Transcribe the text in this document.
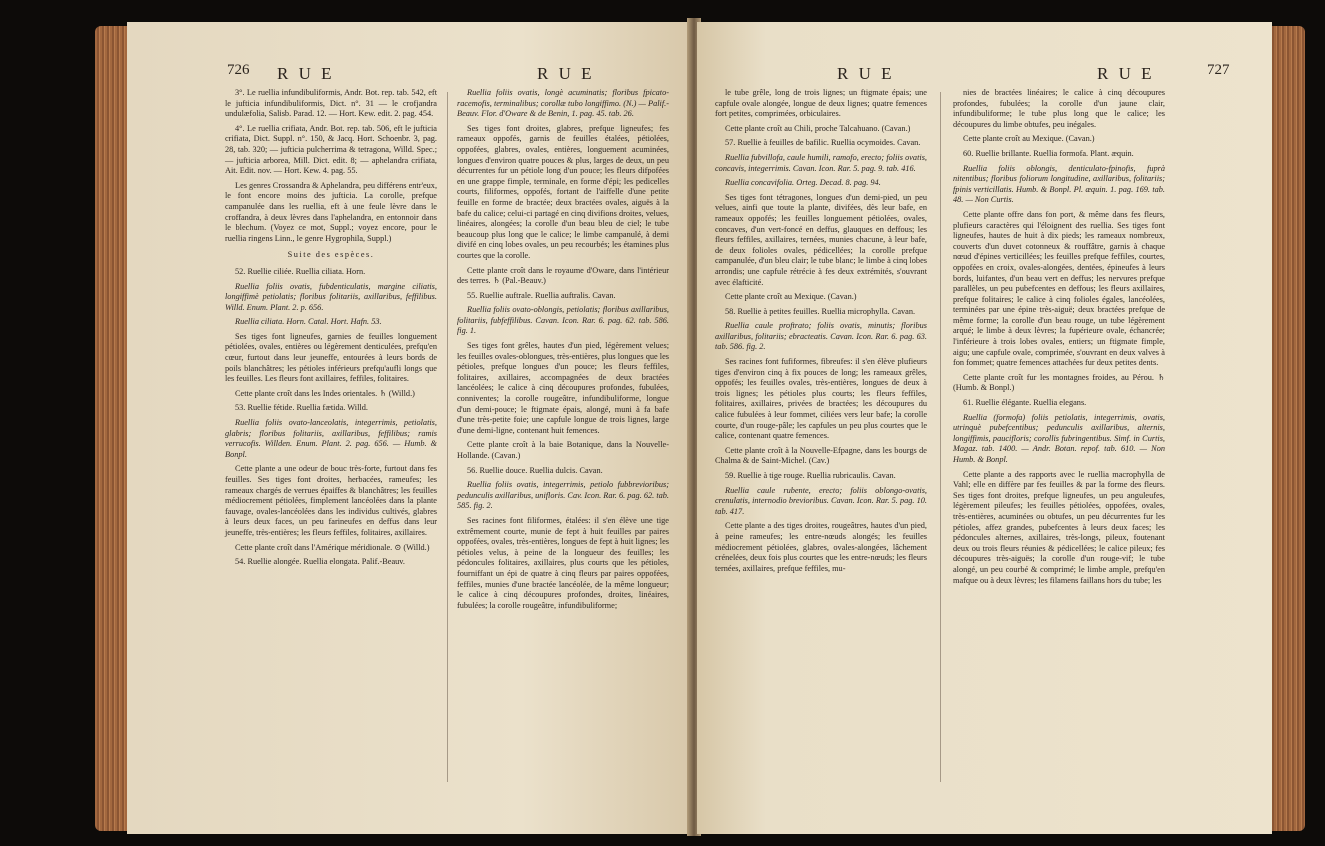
726 R U E	R U E

3°. Le ruellia infundibuliformis, Andr. Bot. rep. tab. 542, eft le jufticia infundibuliformis, Dict. n°. 31 — le crofjandra undulæfolia, Salisb. Parad. 12. — Hort. Kew. edit. 2. pag. 454.

4°. Le ruellia crifiata, Andr. Bot. rep. tab. 506, eft le jufticia crifiata, Dict. Suppl. n°. 150, & Jacq. Hort. Schoenbr. 3, pag. 28, tab. 320; — jufticia pulcherrima & tetragona, Willd. Spec.; — jufticia arborea, Mill. Dict. edit. 8; — aphelandra crifiata, Ait. Edit. nov. — Hort. Kew. 4. pag. 55.

Les genres Crossandra & Aphelandra, peu différens entr'eux, le font encore moins des jufticia. La corolle, prefque campanulée dans les ruellia, eft à une feule lèvre dans le croffandra, à deux lèvres dans l'aphelandra, en entonnoir dans le blechum. (Voyez ce mot, Suppl.; voyez encore, pour le ruellia ringens Linn., le genre Hygrophila, Suppl.)

Suite des espèces.

52. Ruellie ciliée. Ruellia ciliata. Horn.

Ruellia foliis ovatis, fubdenticulatis, margine ciliatis, longiffimè petiolatis; floribus folitariis, axillaribus, feffilibus. Willd. Enum. Plant. 2. p. 656.

Ruellia ciliata. Horn. Catal. Hort. Hafn. 53.

Ses tiges font ligneufes, garnies de feuilles longuement pétiolées, ovales, entières ou légèrement denticulées, prefqu'en cœur, furtout dans leur jeuneffe, entourées à leurs bords de poils blanchâtres; les pétioles inférieurs prefqu'aufli longs que les feuilles. Les fleurs font axillaires, feffiles, folitaires.

Cette plante croît dans les Indes orientales. ♄ (Willd.)

53. Ruellie fétide. Ruellia fætida. Willd.

Ruellia foliis ovato-lanceolatis, integerrimis, petiolatis, glabris; floribus folitariis, axillaribus, feffilibus; ramis verrucofis. Willden. Enum. Plant. 2. pag. 656. — Humb. & Bonpl.

Cette plante a une odeur de bouc très-forte, furtout dans fes feuilles. Ses tiges font droites, herbacées, rameufes; les rameaux chargés de verrues épaiffes & blanchâtres; les feuilles médiocrement pétiolées, fimplement lancéolées dans la plante fauvage, ovales-lancéolées dans les individus cultivés, glabres à leurs deux faces, un peu farineufes en deffus dans leur jeuneffe, très-entières; les fleurs feffiles, folitaires, axillaires.

Cette plante croît dans l'Amérique méridionale. ⊙ (Willd.)

54. Ruellie alongée. Ruellia elongata. Palif.-Beauv.

Ruellia foliis ovatis, longè acuminatis; floribus fpicato-racemofis, terminalibus; corollæ tubo longiffimo. (N.) — Palif.-Beauv. Flor. d'Oware & de Benin, 1. pag. 45. tab. 26.

Ses tiges font droites, glabres, prefque ligneufes; fes rameaux oppofés, garnis de feuilles étalées, pétiolées, oppofées, glabres, ovales, entières, longuement acuminées, longues d'environ quatre pouces & plus, larges de deux, un peu décurrentes fur un pétiole long d'un pouce; les fleurs difpofées en une grappe fimple, terminale, en forme d'épi; les pedicelles courts, filiformes, oppofés, fortant de l'aiffelle d'une petite feuille en forme de bractée; deux bractées ovales, aiguës à la bafe du calice; celui-ci partagé en cinq divifions droites, velues, linéaires, alongées; la corolle d'un beau bleu de ciel; le tube beaucoup plus long que le calice; le limbe campanulé, à demi divifé en cinq lobes ovales, un peu recourbés; les étamines plus courtes que la corolle.

Cette plante croît dans le royaume d'Oware, dans l'intérieur des terres. ♄ (Pal.-Beauv.)

55. Ruellie auftrale. Ruellia auftralis. Cavan.

Ruellia foliis ovato-oblongis, petiolatis; floribus axillaribus, folitariis, fubfeffilibus. Cavan. Icon. Rar. 6. pag. 62. tab. 586. fig. 1.

Ses tiges font grêles, hautes d'un pied, légèrement velues; les feuilles ovales-oblongues, très-entières, plus longues que les pétioles, prefque longues d'un pouce; les fleurs feffiles, folitaires, axillaires, accompagnées de deux bractées lancéolées; le calice à cinq découpures profondes, fubulées, conniventes; la corolle rougeâtre, infundibuliforme, longue d'un demi-pouce; le ftigmate épais, alongé, muni à fa bafe d'une très-petite foie; une capfule longue de trois lignes, large d'une demi-ligne, contenant huit femences.

Cette plante croît à la baie Botanique, dans la Nouvelle-Hollande. (Cavan.)

56. Ruellie douce. Ruellia dulcis. Cavan.

Ruellia foliis ovatis, integerrimis, petiolo fubbrevioribus; pedunculis axillaribus, unifloris. Cav. Icon. Rar. 6. pag. 62. tab. 585. fig. 2.

Ses racines font filiformes, étalées: il s'en élève une tige extrêmement courte, munie de fept à huit feuilles par paires oppofées, ovales, très-entières, longues de fept à huit lignes; les pétioles velus, à peine de la longueur des feuilles; les pédoncules folitaires, axillaires, plus courts que les pétioles, fourniffant un épi de quatre à cinq fleurs par paires oppofées, feffiles, munies d'une bractée lancéolée, de la même longueur; le calice à cinq découpures profondes, droites, linéaires, fubulées; la corolle rougeâtre, infundibuliforme;

R U E	R U E	727

le tube grêle, long de trois lignes; un ftigmate épais; une capfule ovale alongée, longue de deux lignes; quatre femences fort petites, comprimées, orbiculaires.

Cette plante croît au Chili, proche Talcahuano. (Cavan.)

57. Ruellie à feuilles de bafilic. Ruellia ocymoides. Cavan.

Ruellia fubvillofa, caule humili, ramofo, erecto; foliis ovatis, concavis, integerrimis. Cavan. Icon. Rar. 5. pag. 9. tab. 416.

Ruellia concavifolia. Orteg. Decad. 8. pag. 94.

Ses tiges font tétragones, longues d'un demi-pied, un peu velues, ainfi que toute la plante, divifées, dès leur bafe, en rameaux oppofés; les feuilles longuement pétiolées, ovales, concaves, d'un vert-foncé en deffus, glauques en deffous; les fleurs feffiles, axillaires, ternées, munies chacune, à leur bafe, de deux folioles ovales, pédicellées; la corolle prefque campanulée, d'un bleu clair; le tube blanc; le limbe à cinq lobes arrondis; une capfule rétrécie à fes deux extrémités, s'ouvrant avec élafticité.

Cette plante croît au Mexique. (Cavan.)

58. Ruellie à petites feuilles. Ruellia microphylla. Cavan.

Ruellia caule proftrato; foliis ovatis, minutis; floribus axillaribus, folitariis; ebracteatis. Cavan. Icon. Rar. 6. pag. 63. tab. 586. fig. 2.

Ses racines font fufiformes, fibreufes: il s'en élève plufieurs tiges d'environ cinq à fix pouces de long; les rameaux grêles, oppofés; les feuilles ovales, très-entières, longues de deux à trois lignes; les pétioles plus courts; les fleurs feffiles, folitaires, axillaires, privées de bractées; les découpures du calice fubulées à leur fommet, ciliées vers leur bafe; la corolle courte, d'un rouge-pâle; les capfules un peu plus courtes que le calice, contenant quatre femences.

Cette plante croît à la Nouvelle-Efpagne, dans les bourgs de Chalma & de Saint-Michel. (Cav.)

59. Ruellie à tige rouge. Ruellia rubricaulis. Cavan.

Ruellia caule rubente, erecto; foliis oblongo-ovatis, crenulatis, internodio brevioribus. Cavan. Icon. Rar. 5. pag. 10. tab. 417.

Cette plante a des tiges droites, rougeâtres, hautes d'un pied, à peine rameufes; les entre-nœuds alongés; les feuilles médiocrement pétiolées, glabres, ovales-alongées, lâchement crénelées, deux fois plus courtes que les entre-nœuds; les fleurs ternées, axillaires, prefque feffiles, mu-

nies de bractées linéaires; le calice à cinq découpures profondes, fubulées; la corolle d'un jaune clair, infundibuliforme; le tube plus long que le calice; les découpures du limbe obtufes, peu inégales.

Cette plante croît au Mexique. (Cavan.)

60. Ruellie brillante. Ruellia formofa. Plant. æquin.

Ruellia foliis oblongis, denticulato-fpinofis, fuprà nitentibus; floribus foliorum longitudine, axillaribus, folitariis; fpinis verticillatis. Humb. & Bonpl. Pl. æquin. 1. pag. 169. tab. 48. — Non Curtis.

Cette plante offre dans fon port, & même dans fes fleurs, plufieurs caractères qui l'éloignent des ruellia. Ses tiges font ligneufes, hautes de huit à dix pieds; les rameaux nombreux, couverts d'un duvet cotonneux & rouffâtre, garnis à chaque nœud d'épines verticillées; les feuilles prefque feffiles, courtes, oppofées en croix, ovales-alongées, dentées, épineufes à leurs bords, luifantes, d'un beau vert en deffus; les nervures prefque parallèles, un peu pubefcentes en deffous; les fleurs axillaires, prefque folitaires; le calice à cinq folioles égales, lancéolées, terminées par une épine très-aiguë; deux bractées prefque de même forme; la corolle d'un beau rouge, un tube légèrement arqué; le limbe à deux lèvres; la fupérieure ovale, échancrée; l'inférieure à trois lobes ovales, entiers; un ftigmate fimple, aigu; une capfule ovale, comprimée, s'ouvrant en deux valves à fon fommet; quatre femences attachées fur deux petites dents.

Cette plante croît fur les montagnes froides, au Pérou. ♄ (Humb. & Bonpl.)

61. Ruellie élégante. Ruellia elegans.

Ruellia (formofa) foliis petiolatis, integerrimis, ovatis, utrinquè pubefcentibus; pedunculis axillaribus, alternis, longiffimis, paucifloris; corollis fubringentibus. Simf. in Curtis, Magaz. tab. 1400. — Andr. Botan. repof. tab. 610. — Non Humb. & Bonpl.

Cette plante a des rapports avec le ruellia macrophylla de Vahl; elle en diffère par fes feuilles & par la forme des fleurs. Ses tiges font droites, prefque ligneufes, un peu anguleufes, légèrement pileufes; les feuilles pétiolées, oppofées, ovales, très-entières, acuminées ou obtufes, un peu décurrentes fur les pétioles, affez grandes, pubefcentes à leurs deux faces; les pédoncules alternes, axillaires, très-longs, pileux, foutenant deux ou trois fleurs réunies & pédicellées; le calice pileux; fes découpures très-aiguës; la corolle d'un rouge-vif; le tube alongé, un peu courbé & comprimé; le limbe ample, prefqu'en mafque ou à deux lèvres; les filamens faillans hors du tube; les
